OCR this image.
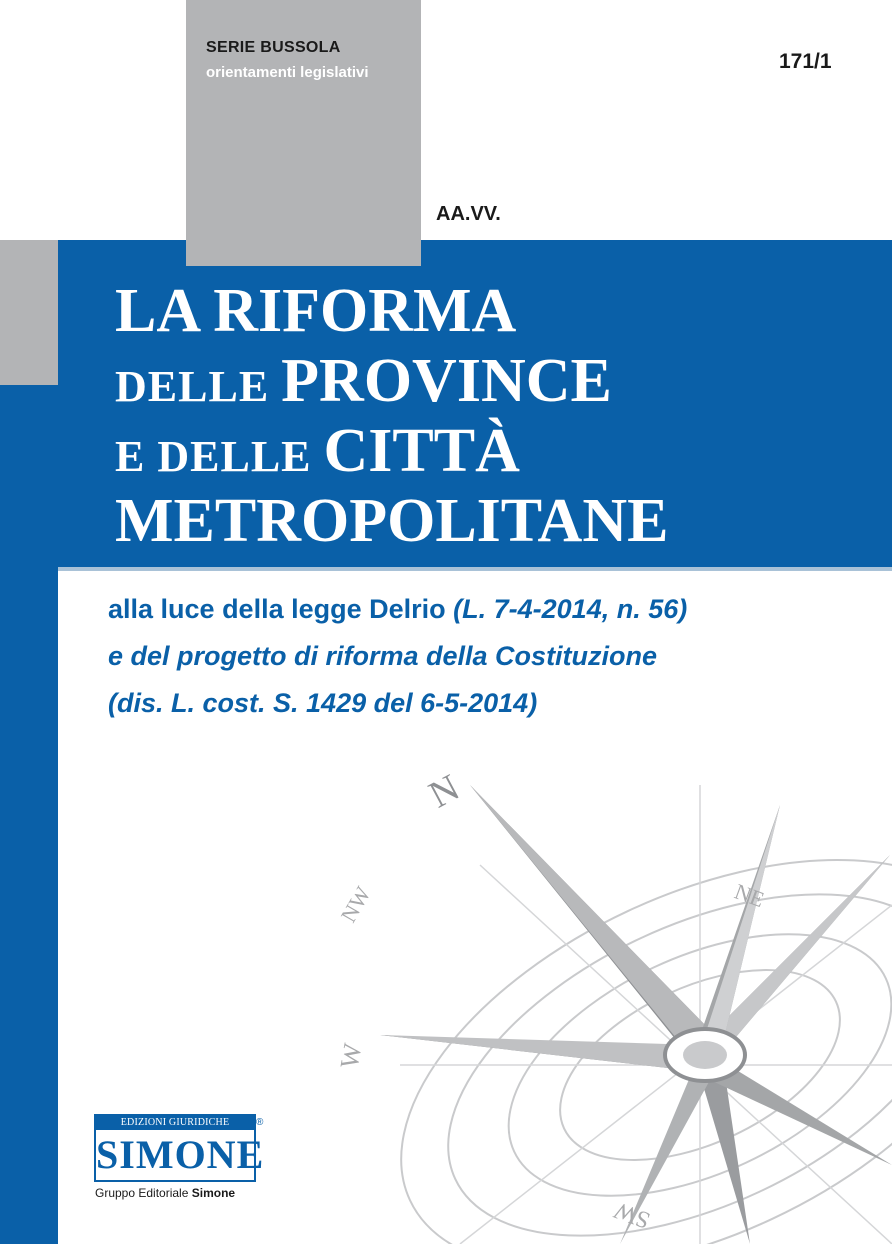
SERIE BUSSOLA
orientamenti legislativi	171/1
AA.VV.
LA RIFORMA
DELLE PROVINCE
E DELLE CITTÀ
METROPOLITANE
alla luce della legge Delrio (L. 7-4-2014, n. 56)
e del progetto di riforma della Costituzione
(dis. L. cost. S. 1429 del 6-5-2014)
N
NE
NW
W
SW
EDIZIONI GIURIDICHE
SIMONE
®
Gruppo Editoriale Simone
